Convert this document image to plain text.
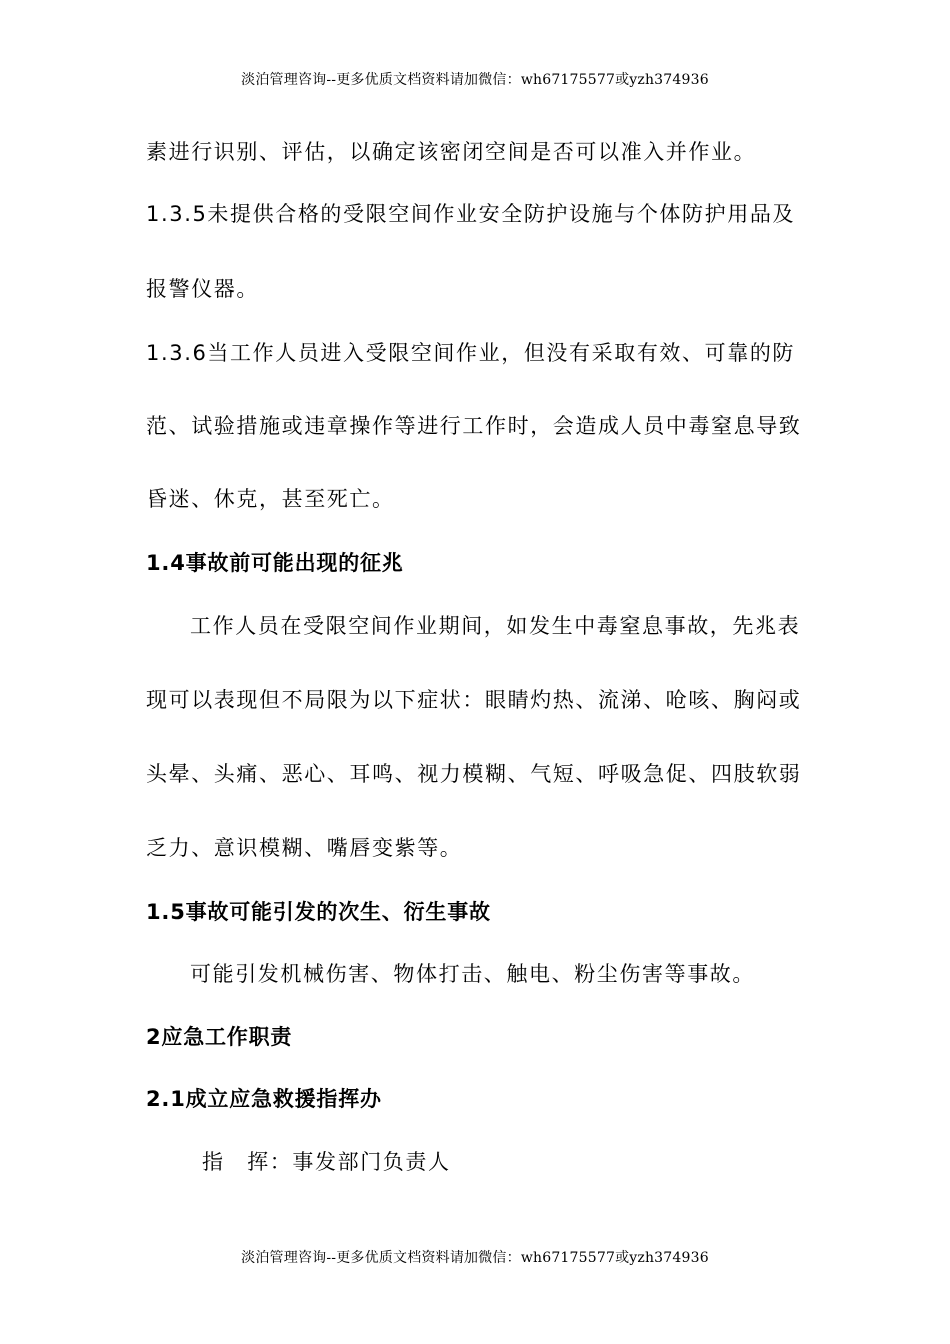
淡泊管理咨询--更多优质文档资料请加微信：wh67175577或yzh374936
素进行识别、评估，以确定该密闭空间是否可以准入并作业。
1.3.5未提供合格的受限空间作业安全防护设施与个体防护用品及
报警仪器。
1.3.6当工作人员进入受限空间作业，但没有采取有效、可靠的防
范、试验措施或违章操作等进行工作时，会造成人员中毒窒息导致
昏迷、休克，甚至死亡。
1.4事故前可能出现的征兆
工作人员在受限空间作业期间，如发生中毒窒息事故，先兆表
现可以表现但不局限为以下症状：眼睛灼热、流涕、呛咳、胸闷或
头晕、头痛、恶心、耳鸣、视力模糊、气短、呼吸急促、四肢软弱
乏力、意识模糊、嘴唇变紫等。
1.5事故可能引发的次生、衍生事故
可能引发机械伤害、物体打击、触电、粉尘伤害等事故。
2应急工作职责
2.1成立应急救援指挥办
指　挥：事发部门负责人
淡泊管理咨询--更多优质文档资料请加微信：wh67175577或yzh374936
